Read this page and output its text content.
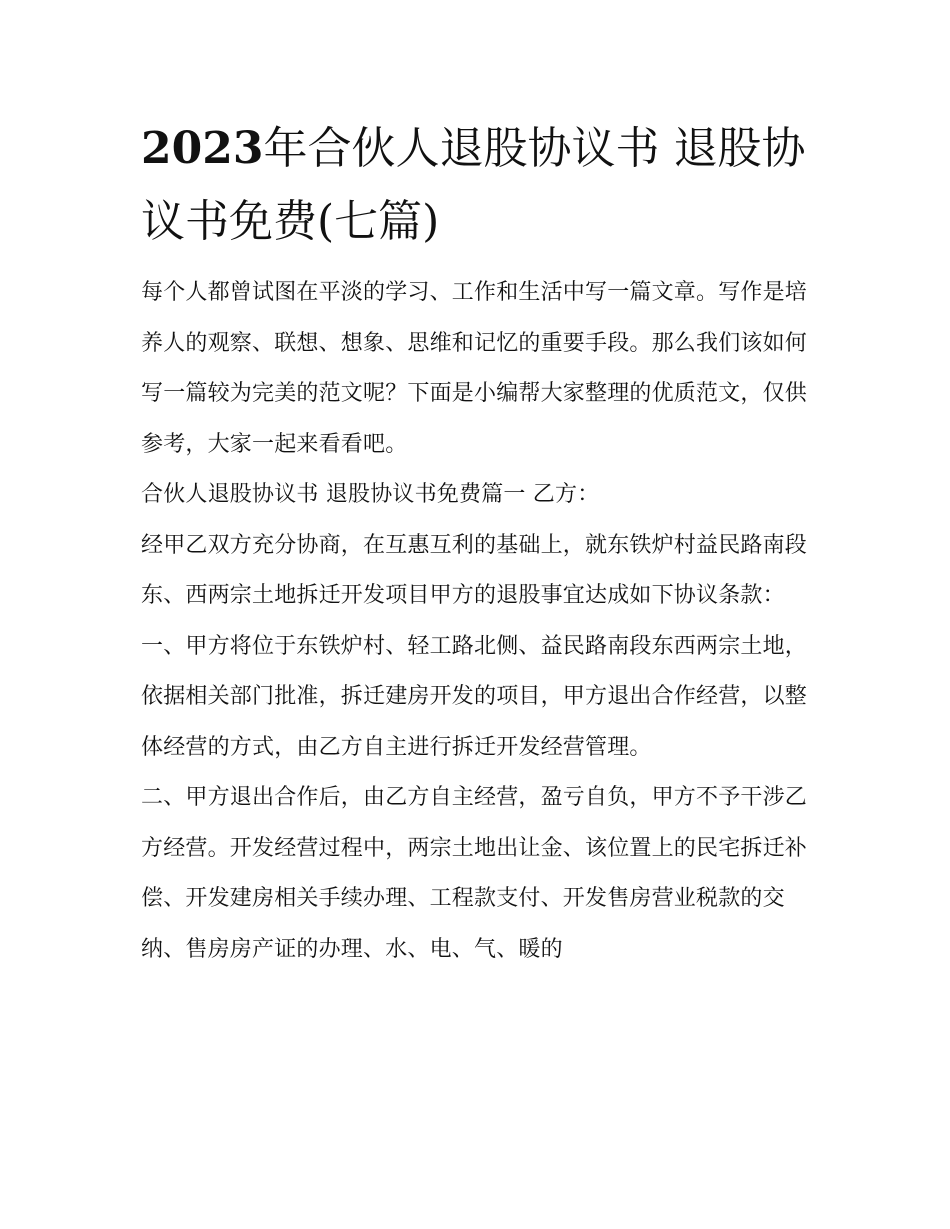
2023年合伙人退股协议书 退股协议书免费(七篇)

每个人都曾试图在平淡的学习、工作和生活中写一篇文章。写作是培养人的观察、联想、想象、思维和记忆的重要手段。那么我们该如何写一篇较为完美的范文呢？下面是小编帮大家整理的优质范文，仅供参考，大家一起来看看吧。

合伙人退股协议书 退股协议书免费篇一 乙方：

经甲乙双方充分协商，在互惠互利的基础上，就东铁炉村益民路南段东、西两宗土地拆迁开发项目甲方的退股事宜达成如下协议条款：

一、甲方将位于东铁炉村、轻工路北侧、益民路南段东西两宗土地，依据相关部门批准，拆迁建房开发的项目，甲方退出合作经营，以整体经营的方式，由乙方自主进行拆迁开发经营管理。

二、甲方退出合作后，由乙方自主经营，盈亏自负，甲方不予干涉乙方经营。开发经营过程中，两宗土地出让金、该位置上的民宅拆迁补偿、开发建房相关手续办理、工程款支付、开发售房营业税款的交纳、售房房产证的办理、水、电、气、暖的
